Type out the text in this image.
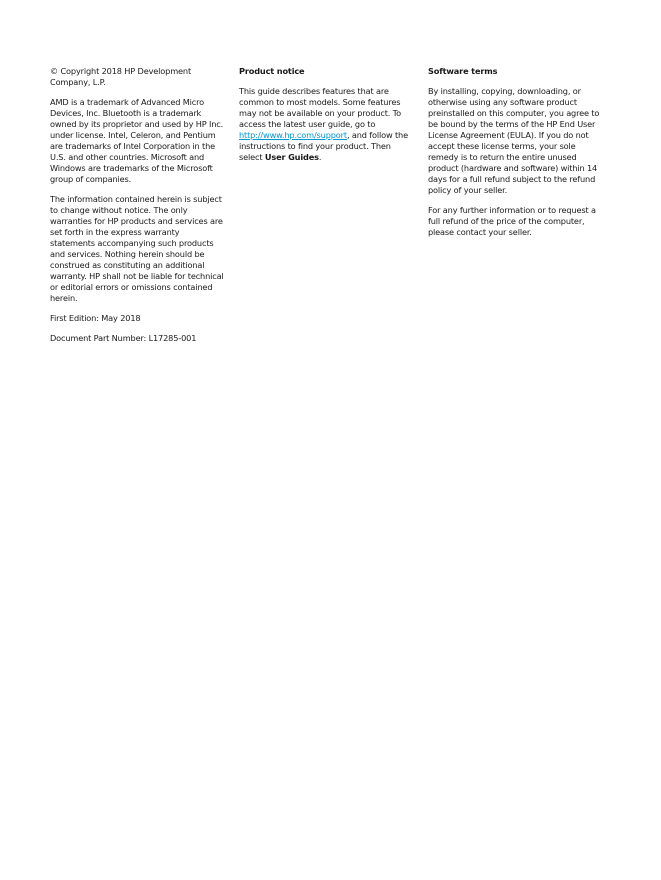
© Copyright 2018 HP Development Company, L.P.

AMD is a trademark of Advanced Micro Devices, Inc. Bluetooth is a trademark owned by its proprietor and used by HP Inc. under license. Intel, Celeron, and Pentium are trademarks of Intel Corporation in the U.S. and other countries. Microsoft and Windows are trademarks of the Microsoft group of companies.

The information contained herein is subject to change without notice. The only warranties for HP products and services are set forth in the express warranty statements accompanying such products and services. Nothing herein should be construed as constituting an additional warranty. HP shall not be liable for technical or editorial errors or omissions contained herein.

First Edition: May 2018

Document Part Number: L17285-001

Product notice

This guide describes features that are common to most models. Some features may not be available on your product. To access the latest user guide, go to http://www.hp.com/support, and follow the instructions to find your product. Then select User Guides.

Software terms

By installing, copying, downloading, or otherwise using any software product preinstalled on this computer, you agree to be bound by the terms of the HP End User License Agreement (EULA). If you do not accept these license terms, your sole remedy is to return the entire unused product (hardware and software) within 14 days for a full refund subject to the refund policy of your seller.

For any further information or to request a full refund of the price of the computer, please contact your seller.
